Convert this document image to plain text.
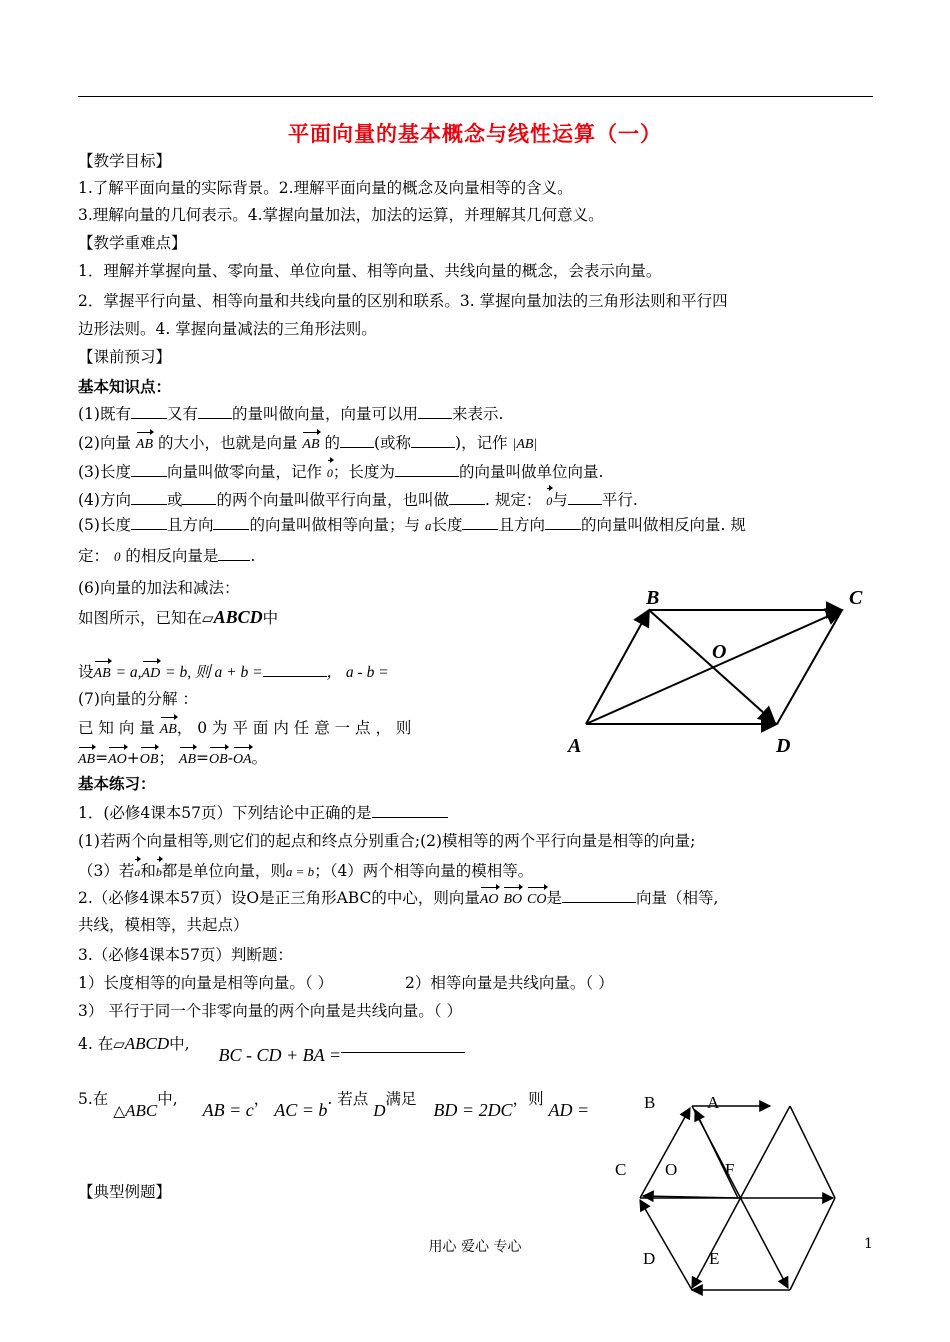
平面向量的基本概念与线性运算（一）
【教学目标】
1.了解平面向量的实际背景。2.理解平面向量的概念及向量相等的含义。
3.理解向量的几何表示。4.掌握向量加法，加法的运算，并理解其几何意义。
【教学重难点】
1．理解并掌握向量、零向量、单位向量、相等向量、共线向量的概念，会表示向量。
2．掌握平行向量、相等向量和共线向量的区别和联系。3. 掌握向量加法的三角形法则和平行四
边形法则。4. 掌握向量减法的三角形法则。
【课前预习】
基本知识点：
(1)既有 又有 的量叫做向量，向量可以用 来表示.
(2)向量 AB 的大小，也就是向量 AB 的 (或称	)，记作 |AB|
(3)长度 向量叫做零向量，记作 0；长度为	的向量叫做单位向量.
(4)方向 或 的两个向量叫做平行向量，也叫做 . 规定： 0与 平行.
(5)长度 且方向 的向量叫做相等向量；与 a长度 且方向 的向量叫做相反向量. 规
定： 0 的相反向量是 .
(6)向量的加法和减法：
如图所示，已知在▱ABCD中
设AB = a,AD = b, 则 a + b =	， a - b =
(7)向量的分解 ：
已 知 向 量 AB， 0 为 平 面 内 任 意 一 点 ， 则
AB=AO+OB； AB=OB-OA。
A
B	C
D
O
基本练习：
1．(必修4课本57页）下列结论中正确的是
(1)若两个向量相等,则它们的起点和终点分别重合;(2)模相等的两个平行向量是相等的向量;
（3）若a和b都是单位向量，则a = b；（4）两个相等向量的模相等。
2.（必修4课本57页）设O是正三角形ABC的中心，则向量AO BO CO是	向量（相等,
共线，模相等，共起点）
3.（必修4课本57页）判断题：
1）长度相等的向量是相等向量。（ ）	2）相等向量是共线向量。（ ）
3） 平行于同一个非零向量的两个向量是共线向量。（ ）
4. 在▱ABCD中, BC - CD + BA =
5.在 △ABC中, AB = c， AC = b. 若点 D满足 BD = 2DC，则 AD =
【典型例题】
B	A
C O	F
D	E
用心 爱心 专心	1
